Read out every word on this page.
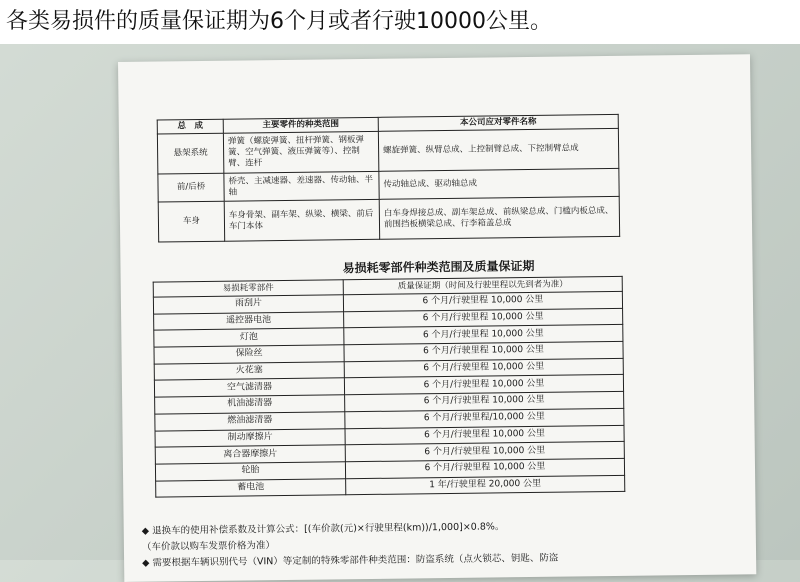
各类易损件的质量保证期为6个月或者行驶10000公里。
总　成	主要零件的种类范围	本公司应对零件名称
悬架系统	弹簧（螺旋弹簧、扭杆弹簧、钢板弹簧、空气弹簧、液压弹簧等）、控制臂、连杆	螺旋弹簧、纵臂总成、上控制臂总成、下控制臂总成
前/后桥	桥壳、主减速器、差速器、传动轴、半轴	传动轴总成、驱动轴总成
车身	车身骨架、副车架、纵梁、横梁、前后车门本体	白车身焊接总成、副车架总成、前纵梁总成、门槛内板总成、前围挡板横梁总成、行李箱盖总成
易损耗零部件种类范围及质量保证期
易损耗零部件	质量保证期（时间及行驶里程以先到者为准）
雨刮片	6 个月/行驶里程 10,000 公里
遥控器电池	6 个月/行驶里程 10,000 公里
灯泡	6 个月/行驶里程 10,000 公里
保险丝	6 个月/行驶里程 10,000 公里
火花塞	6 个月/行驶里程 10,000 公里
空气滤清器	6 个月/行驶里程 10,000 公里
机油滤清器	6 个月/行驶里程 10,000 公里
燃油滤清器	6 个月/行驶里程/10,000 公里
制动摩擦片	6 个月/行驶里程 10,000 公里
离合器摩擦片	6 个月/行驶里程 10,000 公里
轮胎	6 个月/行驶里程 10,000 公里
蓄电池	1 年/行驶里程 20,000 公里
◆ 退换车的使用补偿系数及计算公式：[(车价款(元)×行驶里程(km))/1,000]×0.8%。
（车价款以购车发票价格为准）
◆ 需要根据车辆识别代号（VIN）等定制的特殊零部件种类范围：防盗系统（点火锁芯、钥匙、防盗
